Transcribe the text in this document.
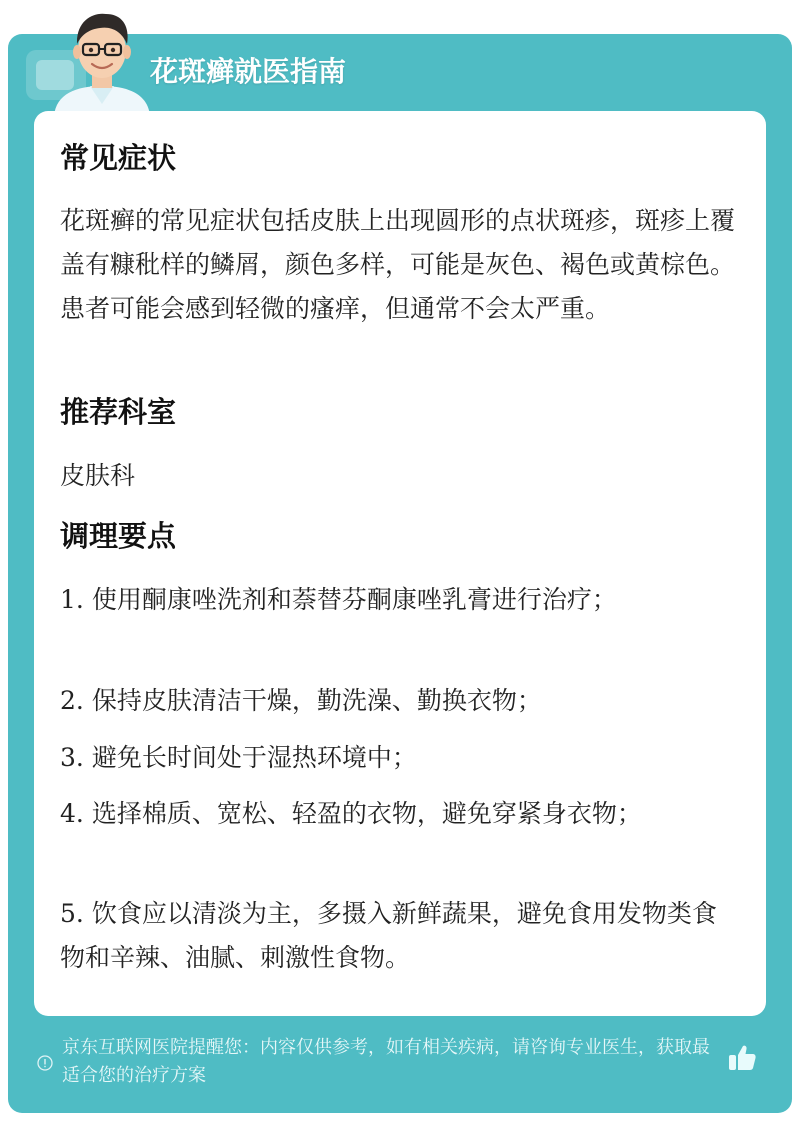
花斑癣就医指南
常见症状
花斑癣的常见症状包括皮肤上出现圆形的点状斑疹，斑疹上覆盖有糠秕样的鳞屑，颜色多样，可能是灰色、褐色或黄棕色。患者可能会感到轻微的瘙痒，但通常不会太严重。
推荐科室
皮肤科
调理要点
1. 使用酮康唑洗剂和萘替芬酮康唑乳膏进行治疗；
2. 保持皮肤清洁干燥，勤洗澡、勤换衣物；
3. 避免长时间处于湿热环境中；
4. 选择棉质、宽松、轻盈的衣物，避免穿紧身衣物；
5. 饮食应以清淡为主，多摄入新鲜蔬果，避免食用发物类食物和辛辣、油腻、刺激性食物。
京东互联网医院提醒您：内容仅供参考，如有相关疾病，请咨询专业医生，获取最适合您的治疗方案
